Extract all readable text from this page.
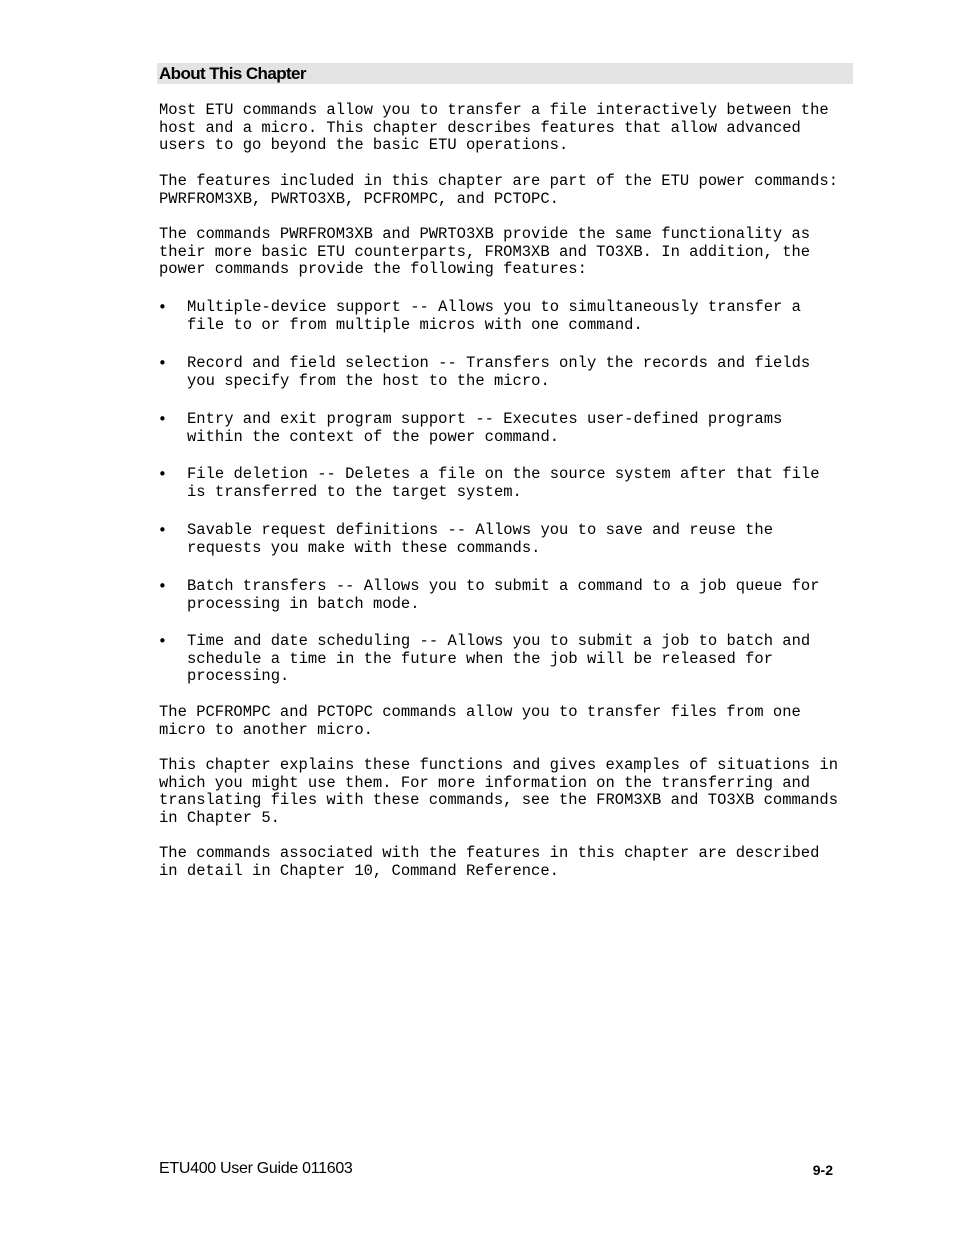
About This Chapter
Most ETU commands allow you to transfer a file interactively between the
host and a micro. This chapter describes features that allow advanced
users to go beyond the basic ETU operations.
The features included in this chapter are part of the ETU power commands:
PWRFROM3XB, PWRTO3XB, PCFROMPC, and PCTOPC.
The commands PWRFROM3XB and PWRTO3XB provide the same functionality as
their more basic ETU counterparts, FROM3XB and TO3XB. In addition, the
power commands provide the following features:
• Multiple-device support -- Allows you to simultaneously transfer a
file to or from multiple micros with one command.
• Record and field selection -- Transfers only the records and fields
you specify from the host to the micro.
• Entry and exit program support -- Executes user-defined programs
within the context of the power command.
• File deletion -- Deletes a file on the source system after that file
is transferred to the target system.
• Savable request definitions -- Allows you to save and reuse the
requests you make with these commands.
• Batch transfers -- Allows you to submit a command to a job queue for
processing in batch mode.
• Time and date scheduling -- Allows you to submit a job to batch and
schedule a time in the future when the job will be released for
processing.
The PCFROMPC and PCTOPC commands allow you to transfer files from one
micro to another micro.
This chapter explains these functions and gives examples of situations in
which you might use them. For more information on the transferring and
translating files with these commands, see the FROM3XB and TO3XB commands
in Chapter 5.
The commands associated with the features in this chapter are described
in detail in Chapter 10, Command Reference.
ETU400 User Guide 011603	9-2
